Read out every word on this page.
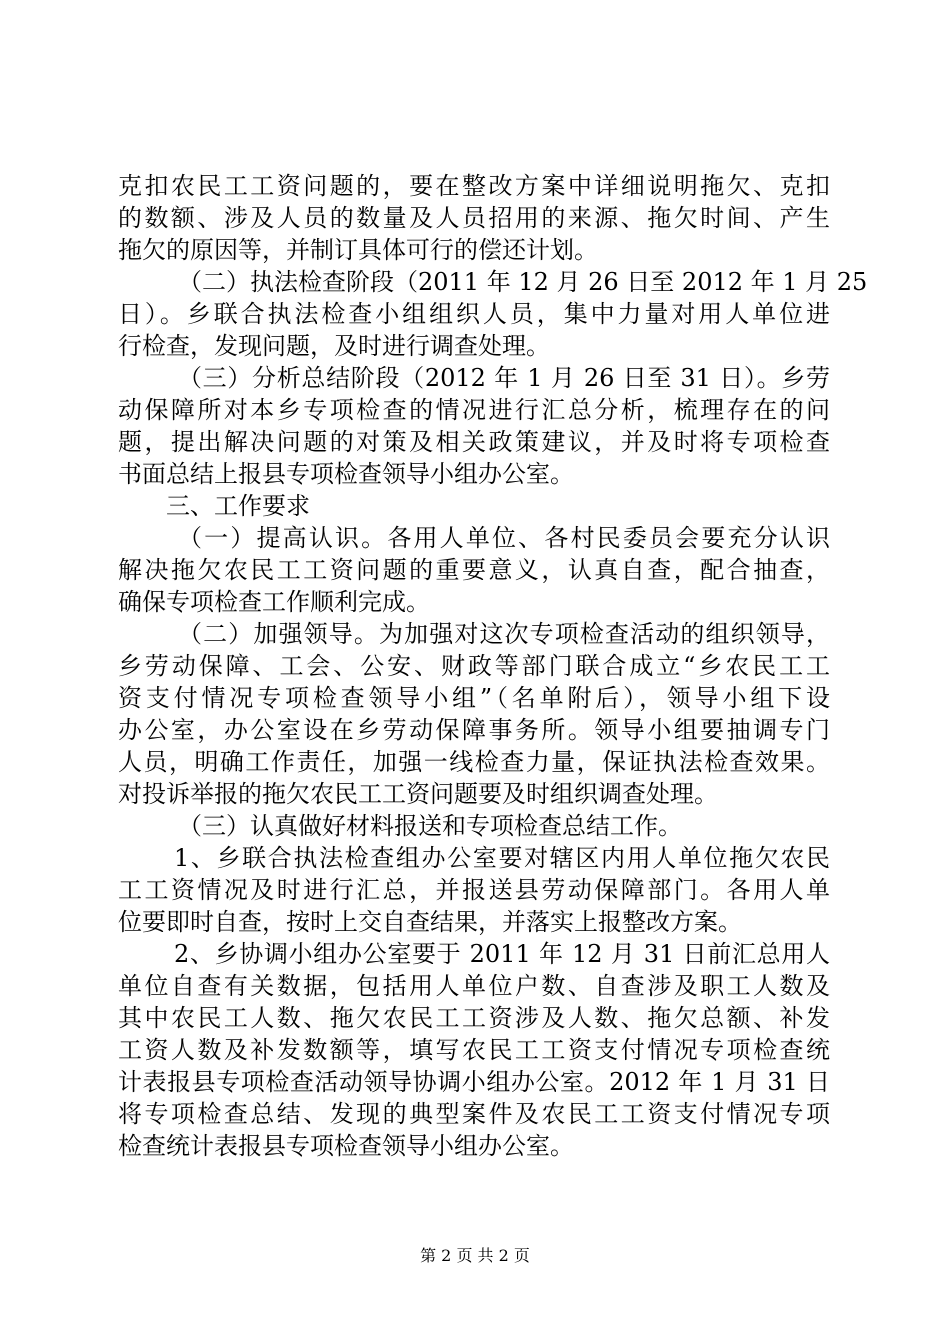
克扣农民工工资问题的，要在整改方案中详细说明拖欠、克扣
的数额、涉及人员的数量及人员招用的来源、拖欠时间、产生
拖欠的原因等，并制订具体可行的偿还计划。
（二）执法检查阶段（2011 年 12 月 26 日至 2012 年 1 月 25
日）。乡联合执法检查小组组织人员，集中力量对用人单位进
行检查，发现问题，及时进行调查处理。
（三）分析总结阶段（2012 年 1 月 26 日至 31 日）。乡劳
动保障所对本乡专项检查的情况进行汇总分析，梳理存在的问
题，提出解决问题的对策及相关政策建议，并及时将专项检查
书面总结上报县专项检查领导小组办公室。
三、工作要求
（一）提高认识。各用人单位、各村民委员会要充分认识
解决拖欠农民工工资问题的重要意义，认真自查，配合抽查，
确保专项检查工作顺利完成。
（二）加强领导。为加强对这次专项检查活动的组织领导，
乡劳动保障、工会、公安、财政等部门联合成立“乡农民工工
资支付情况专项检查领导小组”（名单附后），领导小组下设
办公室，办公室设在乡劳动保障事务所。领导小组要抽调专门
人员，明确工作责任，加强一线检查力量，保证执法检查效果。
对投诉举报的拖欠农民工工资问题要及时组织调查处理。
（三）认真做好材料报送和专项检查总结工作。
1、乡联合执法检查组办公室要对辖区内用人单位拖欠农民
工工资情况及时进行汇总，并报送县劳动保障部门。各用人单
位要即时自查，按时上交自查结果，并落实上报整改方案。
2、乡协调小组办公室要于 2011 年 12 月 31 日前汇总用人
单位自查有关数据，包括用人单位户数、自查涉及职工人数及
其中农民工人数、拖欠农民工工资涉及人数、拖欠总额、补发
工资人数及补发数额等，填写农民工工资支付情况专项检查统
计表报县专项检查活动领导协调小组办公室。2012 年 1 月 31 日
将专项检查总结、发现的典型案件及农民工工资支付情况专项
检查统计表报县专项检查领导小组办公室。
第 2 页 共 2 页
